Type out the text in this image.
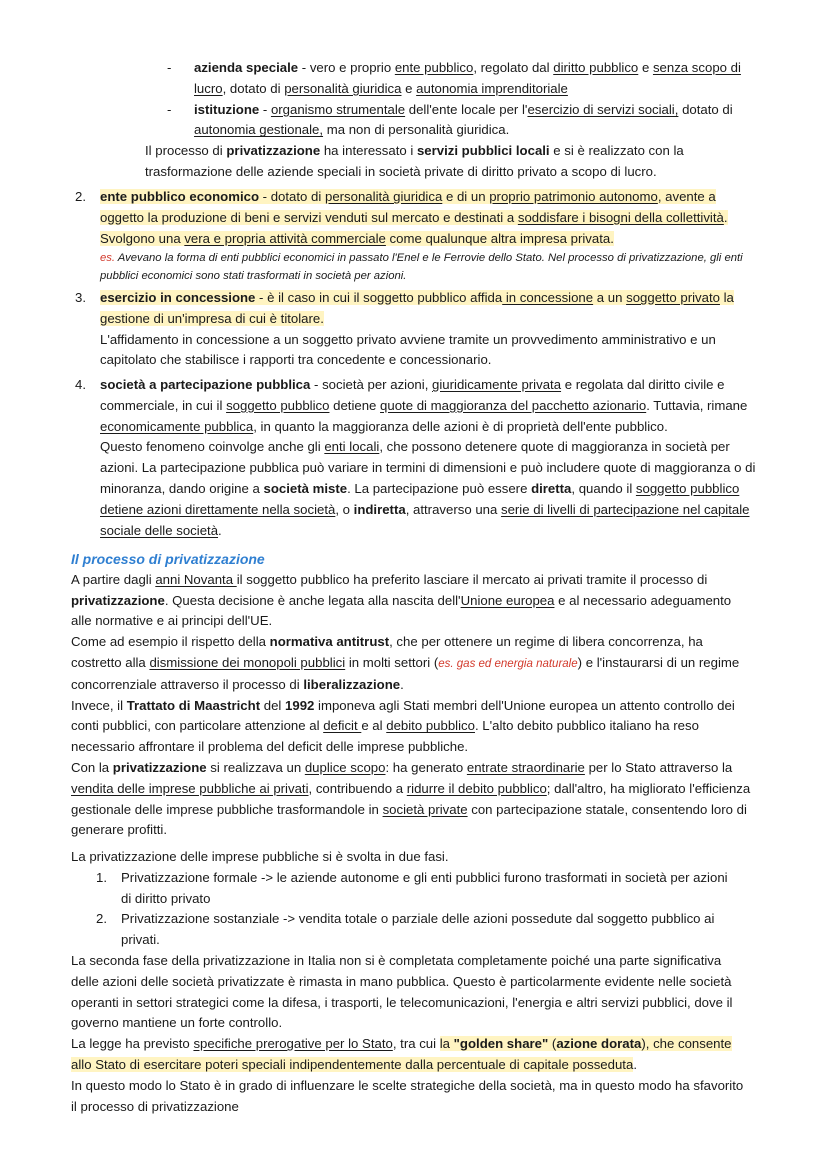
- azienda speciale - vero e proprio ente pubblico, regolato dal diritto pubblico e senza scopo di lucro, dotato di personalità giuridica e autonomia imprenditoriale

- istituzione - organismo strumentale dell'ente locale per l'esercizio di servizi sociali, dotato di autonomia gestionale, ma non di personalità giuridica.

Il processo di privatizzazione ha interessato i servizi pubblici locali e si è realizzato con la trasformazione delle aziende speciali in società private di diritto privato a scopo di lucro.

2. ente pubblico economico - dotato di personalità giuridica e di un proprio patrimonio autonomo, avente a oggetto la produzione di beni e servizi venduti sul mercato e destinati a soddisfare i bisogni della collettività. Svolgono una vera e propria attività commerciale come qualunque altra impresa privata.

es. Avevano la forma di enti pubblici economici in passato l'Enel e le Ferrovie dello Stato. Nel processo di privatizzazione, gli enti pubblici economici sono stati trasformati in società per azioni.

3. esercizio in concessione - è il caso in cui il soggetto pubblico affida in concessione a un soggetto privato la gestione di un'impresa di cui è titolare.

L'affidamento in concessione a un soggetto privato avviene tramite un provvedimento amministrativo e un capitolato che stabilisce i rapporti tra concedente e concessionario.

4. società a partecipazione pubblica - società per azioni, giuridicamente privata e regolata dal diritto civile e commerciale, in cui il soggetto pubblico detiene quote di maggioranza del pacchetto azionario. Tuttavia, rimane economicamente pubblica, in quanto la maggioranza delle azioni è di proprietà dell'ente pubblico.

Questo fenomeno coinvolge anche gli enti locali, che possono detenere quote di maggioranza in società per azioni. La partecipazione pubblica può variare in termini di dimensioni e può includere quote di maggioranza o di minoranza, dando origine a società miste. La partecipazione può essere diretta, quando il soggetto pubblico detiene azioni direttamente nella società, o indiretta, attraverso una serie di livelli di partecipazione nel capitale sociale delle società.

Il processo di privatizzazione

A partire dagli anni Novanta il soggetto pubblico ha preferito lasciare il mercato ai privati tramite il processo di privatizzazione. Questa decisione è anche legata alla nascita dell'Unione europea e al necessario adeguamento alle normative e ai principi dell'UE.

Come ad esempio il rispetto della normativa antitrust, che per ottenere un regime di libera concorrenza, ha costretto alla dismissione dei monopoli pubblici in molti settori (es. gas ed energia naturale) e l'instaurarsi di un regime concorrenziale attraverso il processo di liberalizzazione.

Invece, il Trattato di Maastricht del 1992 imponeva agli Stati membri dell'Unione europea un attento controllo dei conti pubblici, con particolare attenzione al deficit e al debito pubblico. L'alto debito pubblico italiano ha reso necessario affrontare il problema del deficit delle imprese pubbliche.

Con la privatizzazione si realizzava un duplice scopo: ha generato entrate straordinarie per lo Stato attraverso la vendita delle imprese pubbliche ai privati, contribuendo a ridurre il debito pubblico; dall'altro, ha migliorato l'efficienza gestionale delle imprese pubbliche trasformandole in società private con partecipazione statale, consentendo loro di generare profitti.

La privatizzazione delle imprese pubbliche si è svolta in due fasi.

1. Privatizzazione formale -> le aziende autonome e gli enti pubblici furono trasformati in società per azioni di diritto privato

2. Privatizzazione sostanziale -> vendita totale o parziale delle azioni possedute dal soggetto pubblico ai privati.

La seconda fase della privatizzazione in Italia non si è completata completamente poiché una parte significativa delle azioni delle società privatizzate è rimasta in mano pubblica. Questo è particolarmente evidente nelle società operanti in settori strategici come la difesa, i trasporti, le telecomunicazioni, l'energia e altri servizi pubblici, dove il governo mantiene un forte controllo.

La legge ha previsto specifiche prerogative per lo Stato, tra cui la "golden share" (azione dorata), che consente allo Stato di esercitare poteri speciali indipendentemente dalla percentuale di capitale posseduta.

In questo modo lo Stato è in grado di influenzare le scelte strategiche della società, ma in questo modo ha sfavorito il processo di privatizzazione
